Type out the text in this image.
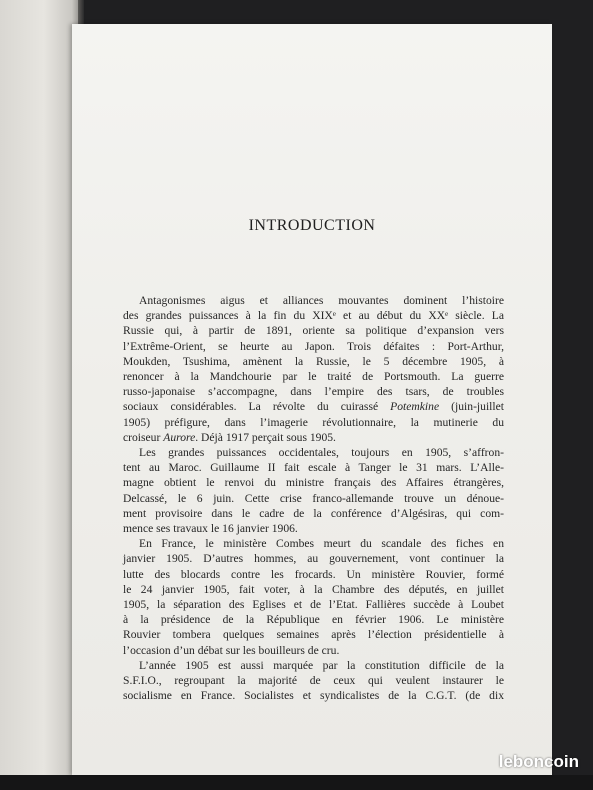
INTRODUCTION
Antagonismes aigus et alliances mouvantes dominent l’histoire
des grandes puissances à la fin du XIXᵉ et au début du XXᵉ siècle. La
Russie qui, à partir de 1891, oriente sa politique d’expansion vers
l’Extrême-Orient, se heurte au Japon. Trois défaites : Port-Arthur,
Moukden, Tsushima, amènent la Russie, le 5 décembre 1905, à
renoncer à la Mandchourie par le traité de Portsmouth. La guerre
russo-japonaise s’accompagne, dans l’empire des tsars, de troubles
sociaux considérables. La révolte du cuirassé Potemkine (juin-juillet
1905) préfigure, dans l’imagerie révolutionnaire, la mutinerie du
croiseur Aurore. Déjà 1917 perçait sous 1905.
Les grandes puissances occidentales, toujours en 1905, s’affron-
tent au Maroc. Guillaume II fait escale à Tanger le 31 mars. L’Alle-
magne obtient le renvoi du ministre français des Affaires étrangères,
Delcassé, le 6 juin. Cette crise franco-allemande trouve un dénoue-
ment provisoire dans le cadre de la conférence d’Algésiras, qui com-
mence ses travaux le 16 janvier 1906.
En France, le ministère Combes meurt du scandale des fiches en
janvier 1905. D’autres hommes, au gouvernement, vont continuer la
lutte des blocards contre les frocards. Un ministère Rouvier, formé
le 24 janvier 1905, fait voter, à la Chambre des députés, en juillet
1905, la séparation des Eglises et de l’Etat. Fallières succède à Loubet
à la présidence de la République en février 1906. Le ministère
Rouvier tombera quelques semaines après l’élection présidentielle à
l’occasion d’un débat sur les bouilleurs de cru.
L’année 1905 est aussi marquée par la constitution difficile de la
S.F.I.O., regroupant la majorité de ceux qui veulent instaurer le
socialisme en France. Socialistes et syndicalistes de la C.G.T. (de dix
leboncoin
